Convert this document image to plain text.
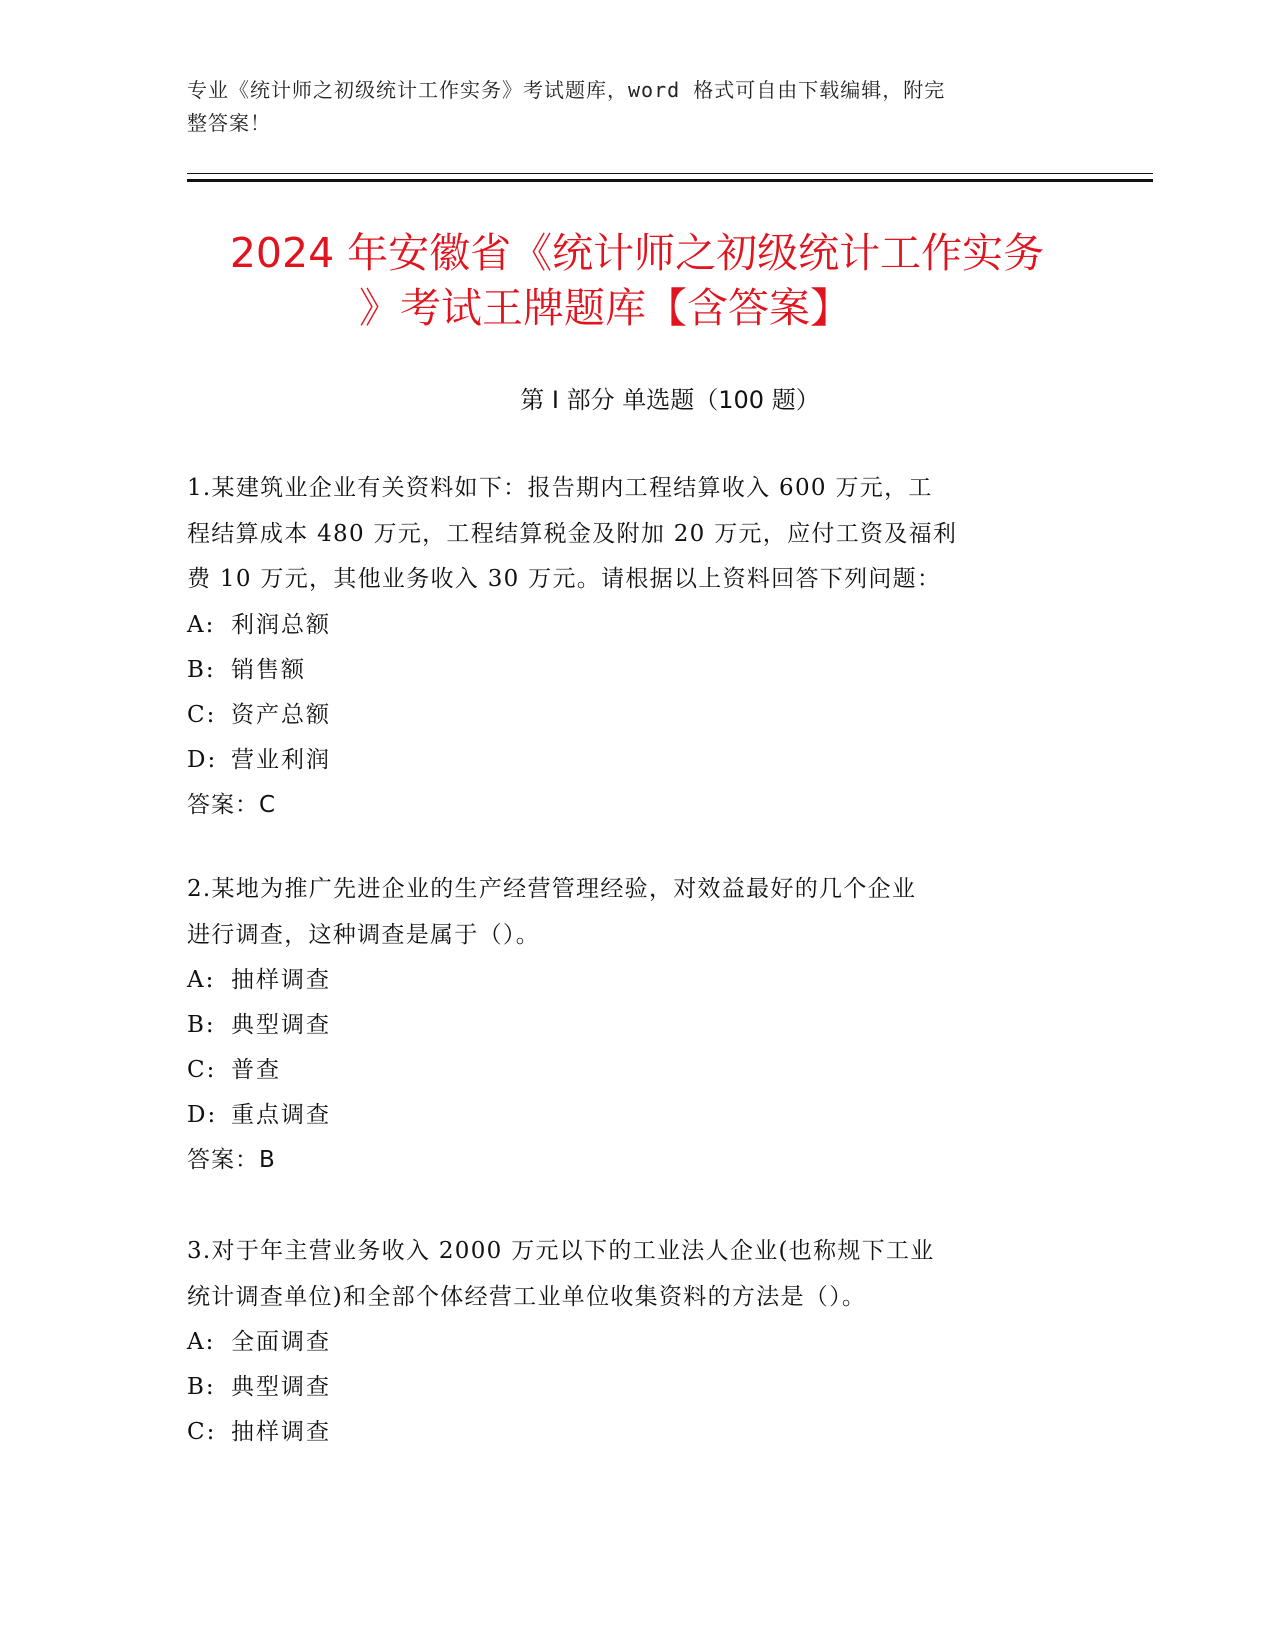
专业《统计师之初级统计工作实务》考试题库，word 格式可自由下载编辑，附完
整答案！
2024 年安徽省《统计师之初级统计工作实务
》考试王牌题库【含答案】
第 I 部分 单选题（100 题）

1.某建筑业企业有关资料如下：报告期内工程结算收入 600 万元，工

程结算成本 480 万元，工程结算税金及附加 20 万元，应付工资及福利

费 10 万元，其他业务收入 30 万元。请根据以上资料回答下列问题：

A: 利润总额

B: 销售额

C: 资产总额

D: 营业利润

答案：C

2.某地为推广先进企业的生产经营管理经验，对效益最好的几个企业

进行调查，这种调查是属于（）。

A: 抽样调查

B: 典型调查

C: 普查

D: 重点调查

答案：B

3.对于年主营业务收入 2000 万元以下的工业法人企业(也称规下工业

统计调查单位)和全部个体经营工业单位收集资料的方法是（）。

A: 全面调查

B: 典型调查

C: 抽样调查
